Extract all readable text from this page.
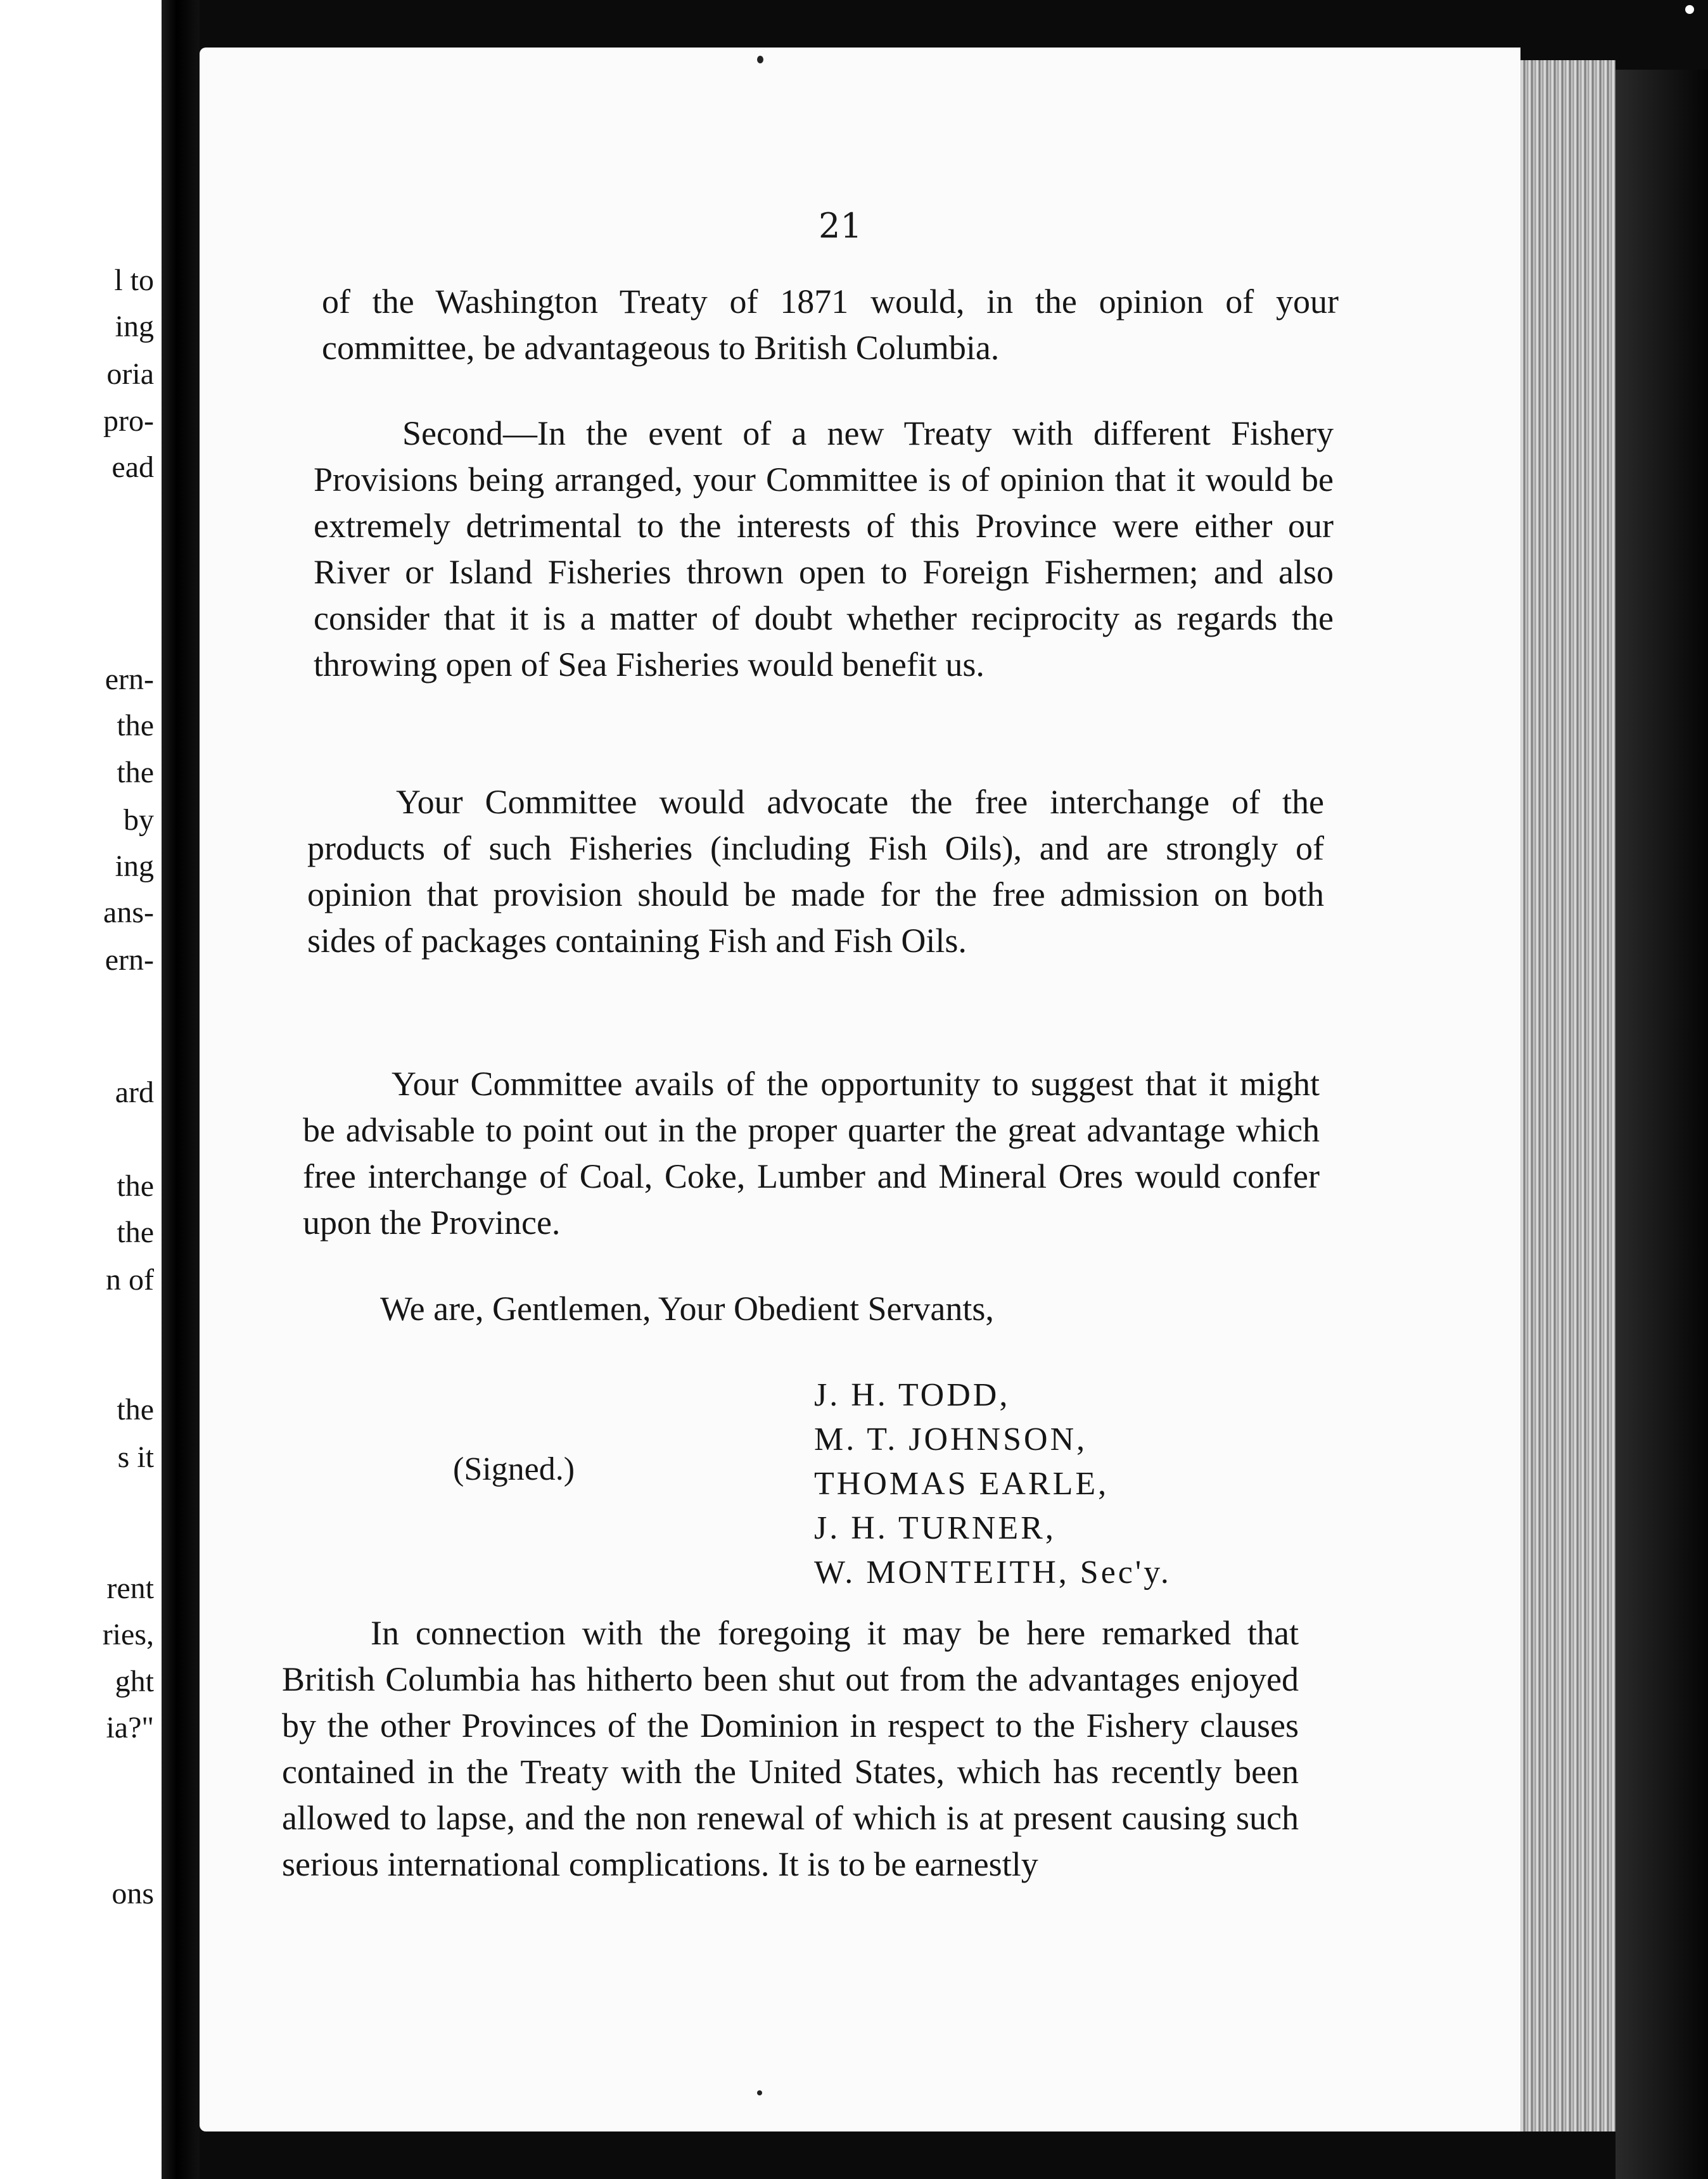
l to

ing

oria

pro-

ead

ern-

the

the

by

ing

ans-

ern-

ard

the

the

n of

the

s it

rent

ries,

ght

ia?"

ons

21

of the Washington Treaty of 1871 would, in the opinion of your committee, be advantageous to British Columbia.

Second—In the event of a new Treaty with different Fishery Provisions being arranged, your Committee is of opinion that it would be extremely detrimental to the interests of this Province were either our River or Island Fisheries thrown open to Foreign Fishermen; and also consider that it is a matter of doubt whether reciprocity as regards the throwing open of Sea Fisheries would benefit us.

Your Committee would advocate the free interchange of the products of such Fisheries (including Fish Oils), and are strongly of opinion that provision should be made for the free admission on both sides of packages containing Fish and Fish Oils.

Your Committee avails of the opportunity to suggest that it might be advisable to point out in the proper quarter the great advantage which free interchange of Coal, Coke, Lumber and Mineral Ores would confer upon the Province.

We are, Gentlemen, Your Obedient Servants,

(Signed.)

J. H. TODD,
M. T. JOHNSON,
THOMAS EARLE,
J. H. TURNER,
W. MONTEITH, Sec'y.

In connection with the foregoing it may be here remarked that British Columbia has hitherto been shut out from the advantages enjoyed by the other Provinces of the Dominion in respect to the Fishery clauses contained in the Treaty with the United States, which has recently been allowed to lapse, and the non renewal of which is at present causing such serious international complications. It is to be earnestly
